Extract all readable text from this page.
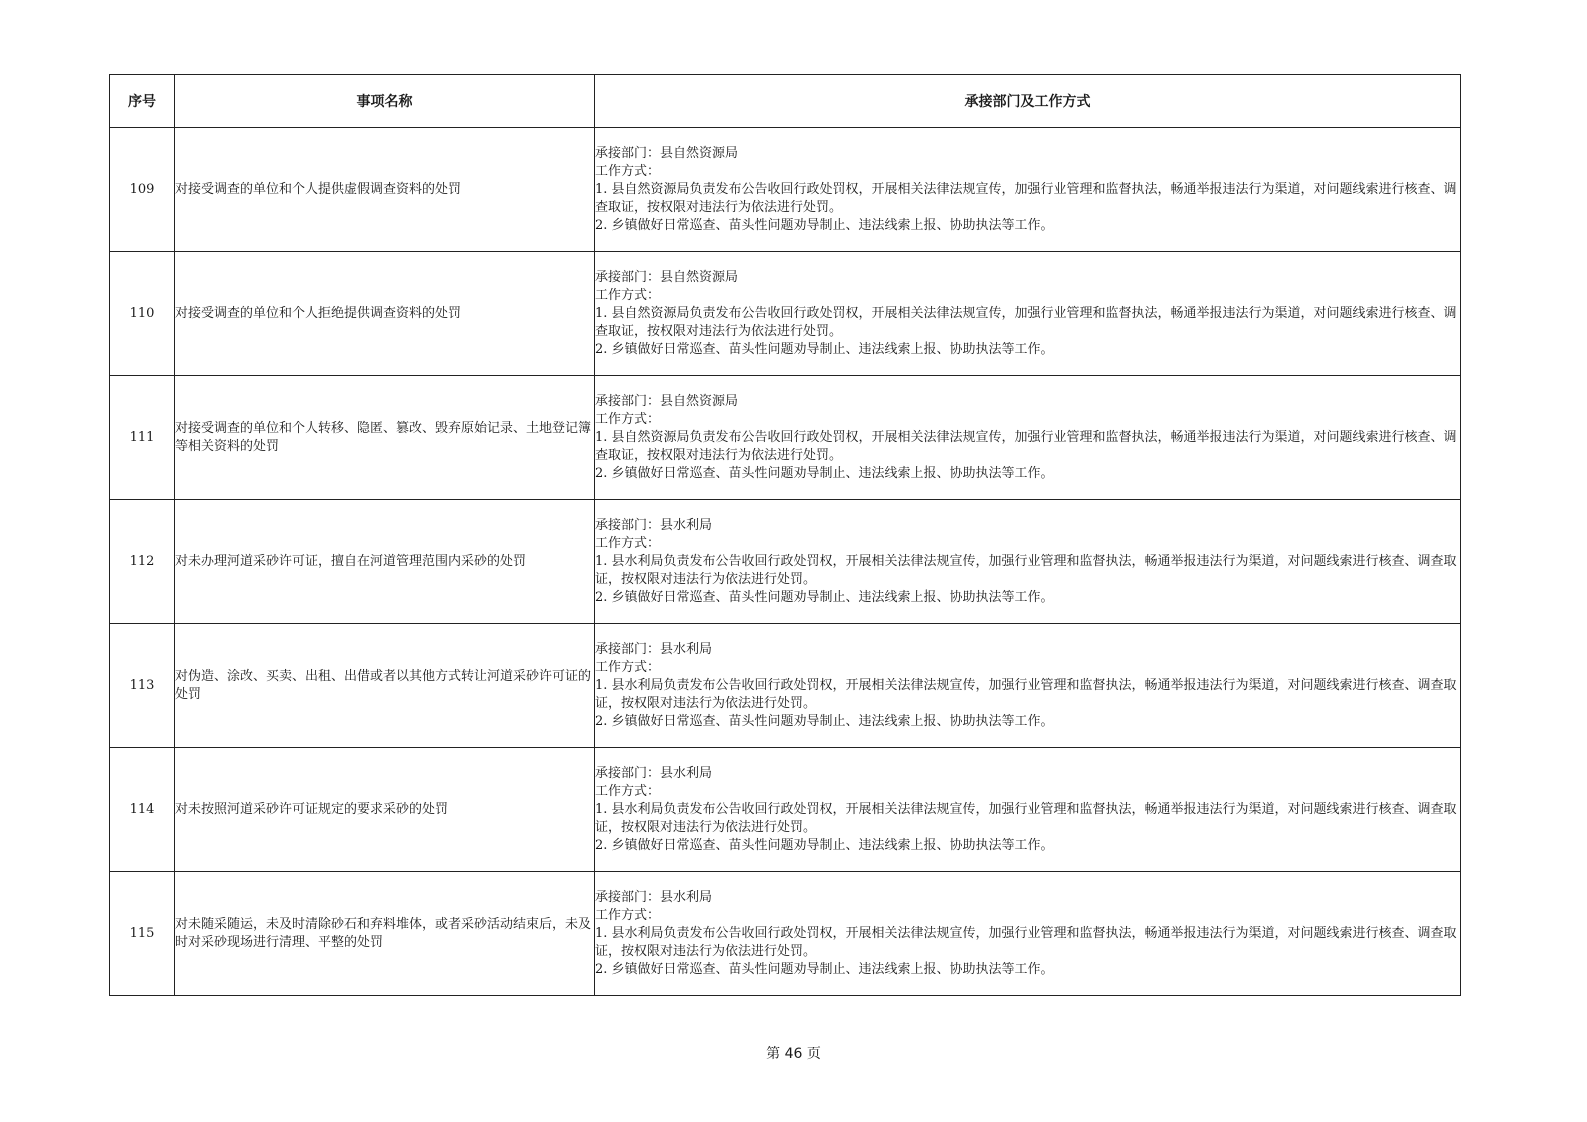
序号	事项名称	承接部门及工作方式
109	对接受调查的单位和个人提供虚假调查资料的处罚	承接部门：县自然资源局
工作方式：
1. 县自然资源局负责发布公告收回行政处罚权，开展相关法律法规宣传，加强行业管理和监督执法，畅通举报违法行为渠道，对问题线索进行核查、调查取证，按权限对违法行为依法进行处罚。
2. 乡镇做好日常巡查、苗头性问题劝导制止、违法线索上报、协助执法等工作。

110	对接受调查的单位和个人拒绝提供调查资料的处罚	承接部门：县自然资源局
工作方式：
1. 县自然资源局负责发布公告收回行政处罚权，开展相关法律法规宣传，加强行业管理和监督执法，畅通举报违法行为渠道，对问题线索进行核查、调查取证，按权限对违法行为依法进行处罚。
2. 乡镇做好日常巡查、苗头性问题劝导制止、违法线索上报、协助执法等工作。

111	对接受调查的单位和个人转移、隐匿、篡改、毁弃原始记录、土地登记簿等相关资料的处罚	承接部门：县自然资源局
工作方式：
1. 县自然资源局负责发布公告收回行政处罚权，开展相关法律法规宣传，加强行业管理和监督执法，畅通举报违法行为渠道，对问题线索进行核查、调查取证，按权限对违法行为依法进行处罚。
2. 乡镇做好日常巡查、苗头性问题劝导制止、违法线索上报、协助执法等工作。

112	对未办理河道采砂许可证，擅自在河道管理范围内采砂的处罚	承接部门：县水利局
工作方式：
1. 县水利局负责发布公告收回行政处罚权，开展相关法律法规宣传，加强行业管理和监督执法，畅通举报违法行为渠道，对问题线索进行核查、调查取证，按权限对违法行为依法进行处罚。
2. 乡镇做好日常巡查、苗头性问题劝导制止、违法线索上报、协助执法等工作。

113	对伪造、涂改、买卖、出租、出借或者以其他方式转让河道采砂许可证的处罚	承接部门：县水利局
工作方式：
1. 县水利局负责发布公告收回行政处罚权，开展相关法律法规宣传，加强行业管理和监督执法，畅通举报违法行为渠道，对问题线索进行核查、调查取证，按权限对违法行为依法进行处罚。
2. 乡镇做好日常巡查、苗头性问题劝导制止、违法线索上报、协助执法等工作。

114	对未按照河道采砂许可证规定的要求采砂的处罚	承接部门：县水利局
工作方式：
1. 县水利局负责发布公告收回行政处罚权，开展相关法律法规宣传，加强行业管理和监督执法，畅通举报违法行为渠道，对问题线索进行核查、调查取证，按权限对违法行为依法进行处罚。
2. 乡镇做好日常巡查、苗头性问题劝导制止、违法线索上报、协助执法等工作。

115	对未随采随运，未及时清除砂石和弃料堆体，或者采砂活动结束后，未及时对采砂现场进行清理、平整的处罚	承接部门：县水利局
工作方式：
1. 县水利局负责发布公告收回行政处罚权，开展相关法律法规宣传，加强行业管理和监督执法，畅通举报违法行为渠道，对问题线索进行核查、调查取证，按权限对违法行为依法进行处罚。
2. 乡镇做好日常巡查、苗头性问题劝导制止、违法线索上报、协助执法等工作。
第 46 页
